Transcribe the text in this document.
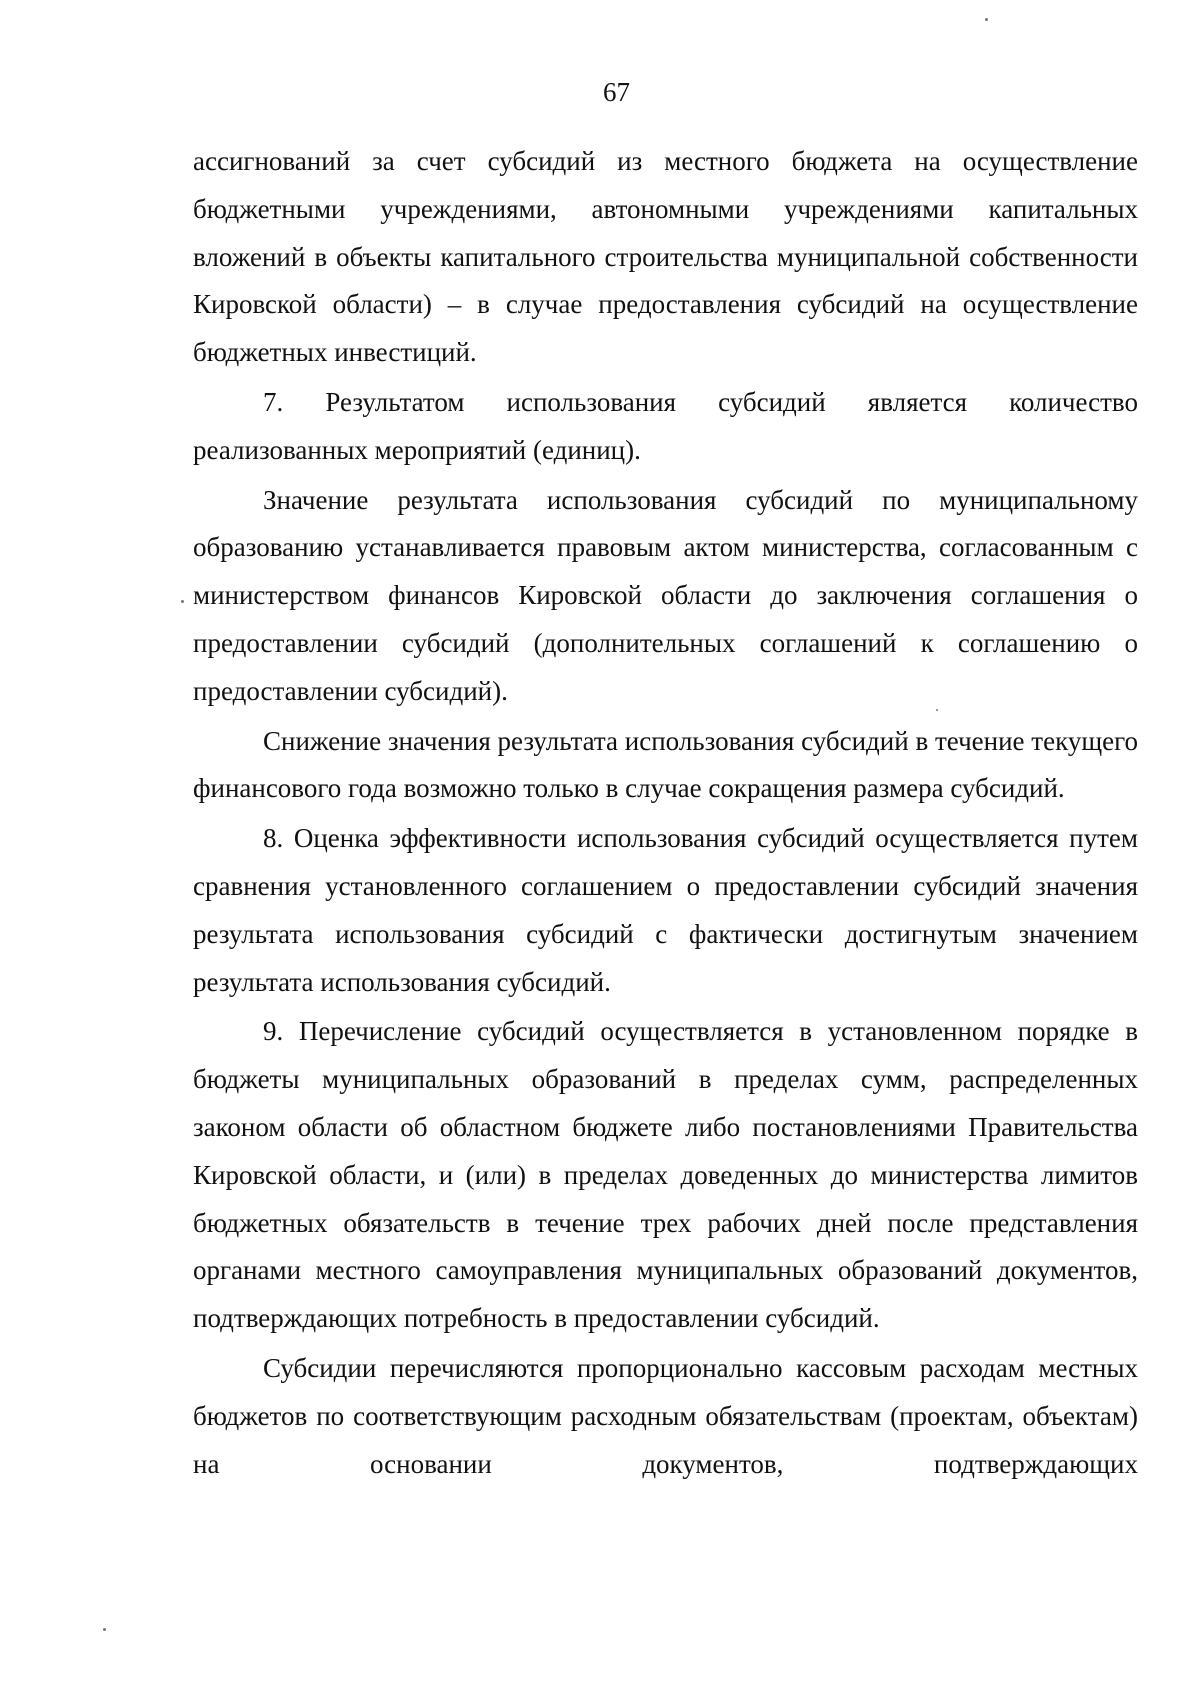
67

ассигнований за счет субсидий из местного бюджета на осуществление бюджетными учреждениями, автономными учреждениями капитальных вложений в объекты капитального строительства муниципальной собственности Кировской области) – в случае предоставления субсидий на осуществление бюджетных инвестиций.

7. Результатом использования субсидий является количество реализованных мероприятий (единиц).

Значение результата использования субсидий по муниципальному образованию устанавливается правовым актом министерства, согласованным с министерством финансов Кировской области до заключения соглашения о предоставлении субсидий (дополнительных соглашений к соглашению о предоставлении субсидий).

Снижение значения результата использования субсидий в течение текущего финансового года возможно только в случае сокращения размера субсидий.

8. Оценка эффективности использования субсидий осуществляется путем сравнения установленного соглашением о предоставлении субсидий значения результата использования субсидий с фактически достигнутым значением результата использования субсидий.

9. Перечисление субсидий осуществляется в установленном порядке в бюджеты муниципальных образований в пределах сумм, распределенных законом области об областном бюджете либо постановлениями Правительства Кировской области, и (или) в пределах доведенных до министерства лимитов бюджетных обязательств в течение трех рабочих дней после представления органами местного самоуправления муниципальных образований документов, подтверждающих потребность в предоставлении субсидий.

Субсидии перечисляются пропорционально кассовым расходам местных бюджетов по соответствующим расходным обязательствам (проектам, объектам) на основании документов, подтверждающих
